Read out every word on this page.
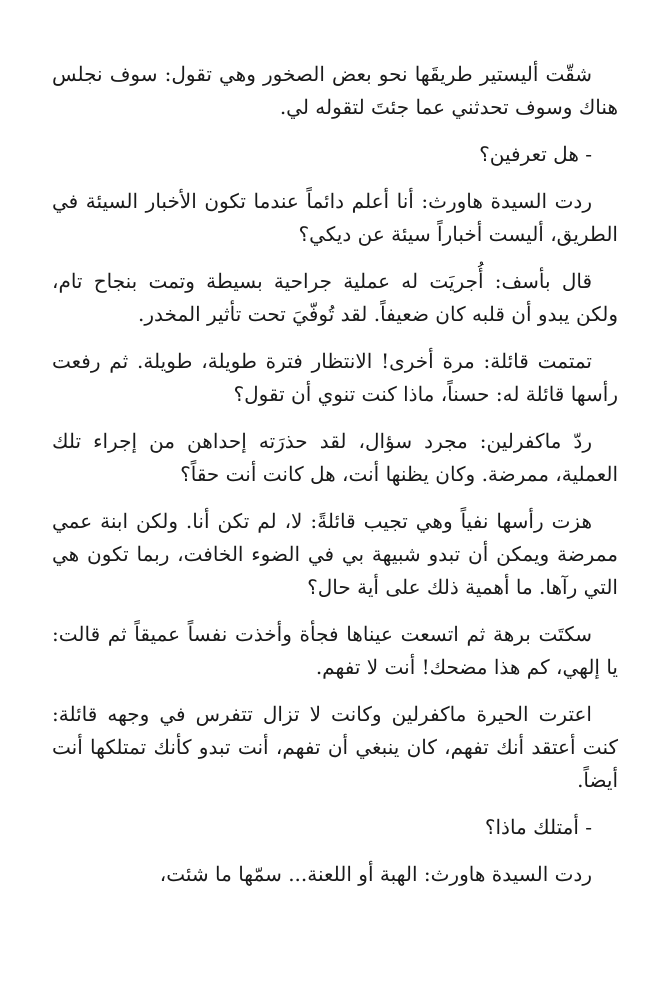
شقّت أليستير طريقَها نحو بعض الصخور وهي تقول: سوف نجلس هناك وسوف تحدثني عما جئتَ لتقوله لي.

- هل تعرفين؟

ردت السيدة هاورث: أنا أعلم دائماً عندما تكون الأخبار السيئة في الطريق، أليست أخباراً سيئة عن ديكي؟

قال بأسف: أُجريَت له عملية جراحية بسيطة وتمت بنجاح تام، ولكن يبدو أن قلبه كان ضعيفاً. لقد تُوفّيَ تحت تأثير المخدر.

تمتمت قائلة: مرة أخرى! الانتظار فترة طويلة، طويلة. ثم رفعت رأسها قائلة له: حسناً، ماذا كنت تنوي أن تقول؟

ردّ ماكفرلين: مجرد سؤال، لقد حذرَته إحداهن من إجراء تلك العملية، ممرضة. وكان يظنها أنت، هل كانت أنت حقاً؟

هزت رأسها نفياً وهي تجيب قائلةً: لا، لم تكن أنا. ولكن ابنة عمي ممرضة ويمكن أن تبدو شبيهة بي في الضوء الخافت، ربما تكون هي التي رآها. ما أهمية ذلك على أية حال؟

سكتَت برهة ثم اتسعت عيناها فجأة وأخذت نفساً عميقاً ثم قالت: يا إلهي، كم هذا مضحك! أنت لا تفهم.

اعترت الحيرة ماكفرلين وكانت لا تزال تتفرس في وجهه قائلة: كنت أعتقد أنك تفهم، كان ينبغي أن تفهم، أنت تبدو كأنك تمتلكها أنت أيضاً.

- أمتلك ماذا؟

ردت السيدة هاورث: الهبة أو اللعنة... سمّها ما شئت،
